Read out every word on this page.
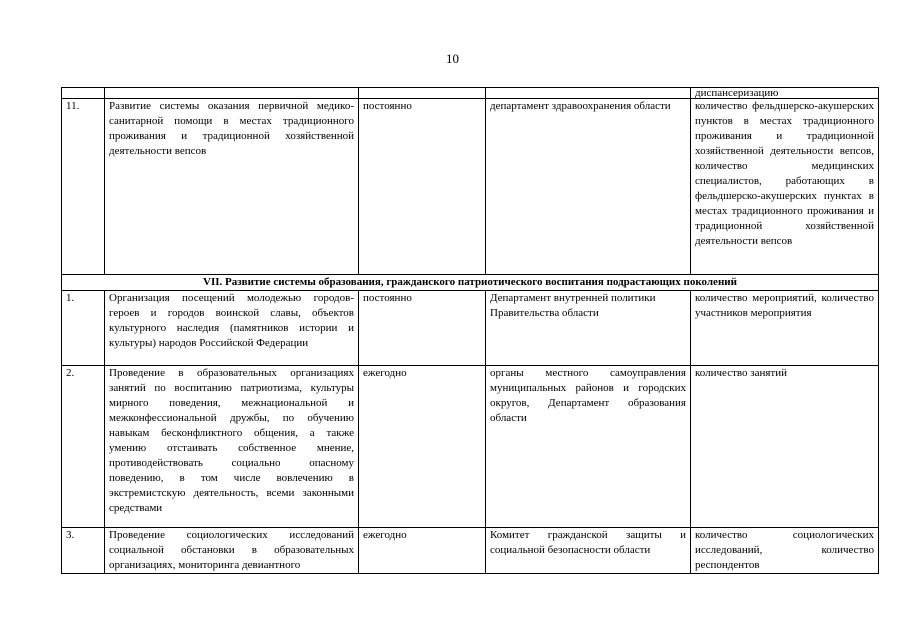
10
				диспансеризацию
11.	Развитие системы оказания первичной медико-санитарной помощи в местах традиционного проживания и традиционной хозяйственной деятельности вепсов	постоянно	департамент здравоохранения области	количество фельдшерско-акушерских пунктов в местах традиционного проживания и традиционной хозяйственной деятельности вепсов, количество медицинских специалистов, работающих в фельдшерско-акушерских пунктах в местах традиционного проживания и традиционной хозяйственной деятельности вепсов
VII. Развитие системы образования, гражданского патриотического воспитания подрастающих поколений				
1.	Организация посещений молодежью городов-героев и городов воинской славы, объектов культурного наследия (памятников истории и культуры) народов Российской Федерации	постоянно	Департамент внутренней политики Правительства области	количество мероприятий, количество участников мероприятия
2.	Проведение в образовательных организациях занятий по воспитанию патриотизма, культуры мирного поведения, межнациональной и межконфессиональной дружбы, по обучению навыкам бесконфликтного общения, а также умению отстаивать собственное мнение, противодействовать социально опасному поведению, в том числе вовлечению в экстремистскую деятельность, всеми законными средствами	ежегодно	органы местного самоуправления муниципальных районов и городских округов, Департамент образования области	количество занятий
3.	Проведение социологических исследований социальной обстановки в образовательных организациях, мониторинга девиантного	ежегодно	Комитет гражданской защиты и социальной безопасности области	количество социологических исследований, количество респондентов
